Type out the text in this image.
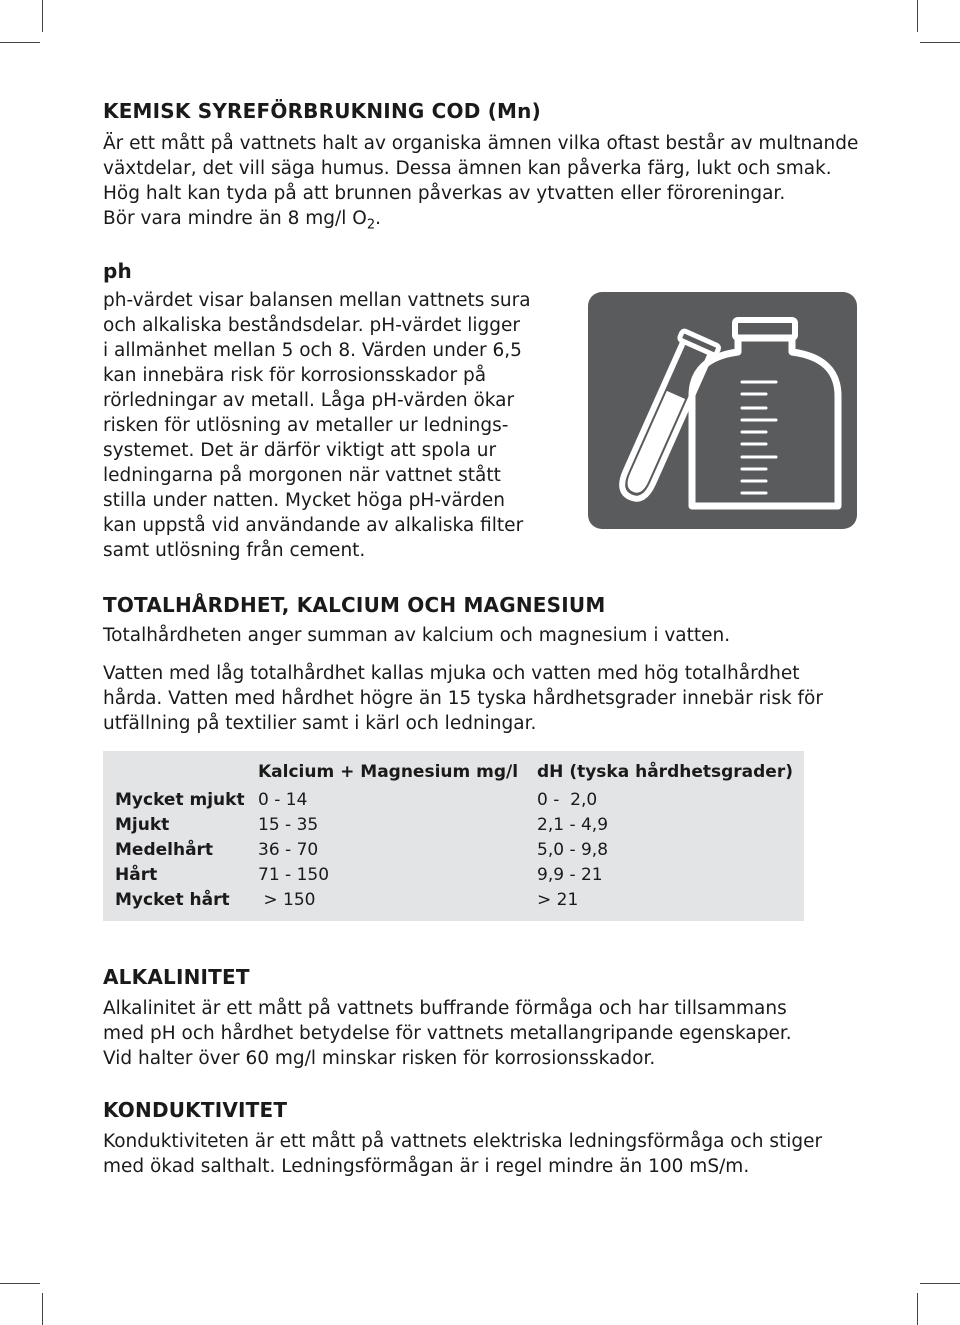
KEMISK SYREFÖRBRUKNING COD (Mn)
Är ett mått på vattnets halt av organiska ämnen vilka oftast består av multnande
växtdelar, det vill säga humus. Dessa ämnen kan påverka färg, lukt och smak.
Hög halt kan tyda på att brunnen påverkas av ytvatten eller föroreningar.
Bör vara mindre än 8 mg/l $O_2$.
ph
ph-värdet visar balansen mellan vattnets sura
och alkaliska beståndsdelar. pH-värdet ligger
i allmänhet mellan 5 och 8. Värden under 6,5
kan innebära risk för korrosionsskador på
rörledningar av metall. Låga pH-värden ökar
risken för utlösning av metaller ur lednings-
systemet. Det är därför viktigt att spola ur
ledningarna på morgonen när vattnet stått
stilla under natten. Mycket höga pH-värden
kan uppstå vid användande av alkaliska filter
samt utlösning från cement.
TOTALHÅRDHET, KALCIUM OCH MAGNESIUM
Totalhårdheten anger summan av kalcium och magnesium i vatten.
Vatten med låg totalhårdhet kallas mjuka och vatten med hög totalhårdhet
hårda. Vatten med hårdhet högre än 15 tyska hårdhetsgrader innebär risk för
utfällning på textilier samt i kärl och ledningar.
Kalcium + Magnesium mg/l dH (tyska hårdhetsgrader)
Mycket mjukt 0 - 14	0 -  2,0
Mjukt	15 - 35	2,1 - 4,9
Medelhårt	36 - 70	5,0 - 9,8
Hårt	71 - 150	9,9 - 21
Mycket hårt > 150	> 21
ALKALINITET
Alkalinitet är ett mått på vattnets buffrande förmåga och har tillsammans
med pH och hårdhet betydelse för vattnets metallangripande egenskaper.
Vid halter över 60 mg/l minskar risken för korrosionsskador.
KONDUKTIVITET
Konduktiviteten är ett mått på vattnets elektriska ledningsförmåga och stiger
med ökad salthalt. Ledningsförmågan är i regel mindre än 100 mS/m.
